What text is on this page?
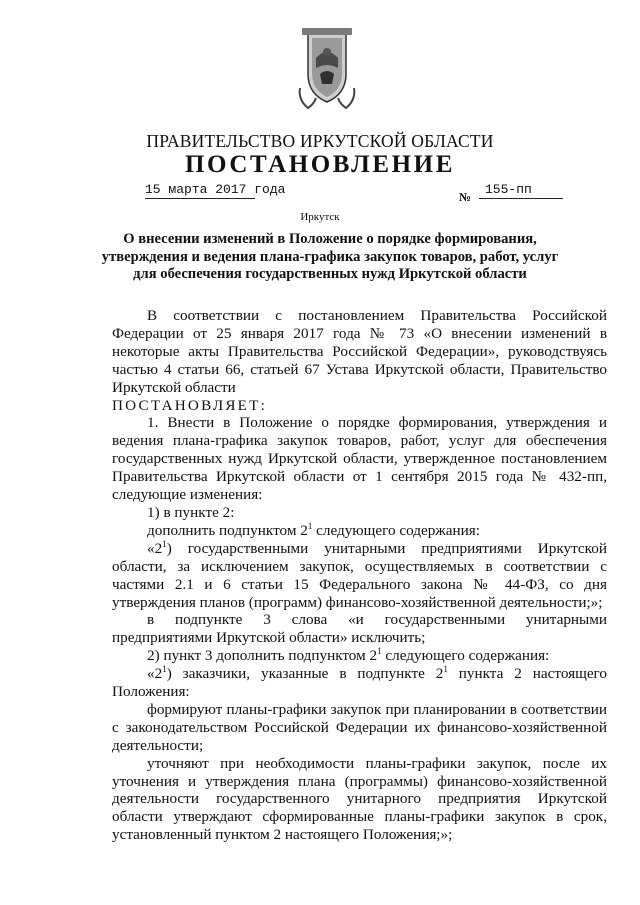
ПРАВИТЕЛЬСТВО ИРКУТСКОЙ ОБЛАСТИ
ПОСТАНОВЛЕНИЕ
15 марта 2017 года	№	155-пп
Иркутск
О внесении изменений в Положение о порядке формирования, утверждения и ведения плана-графика закупок товаров, работ, услуг для обеспечения государственных нужд Иркутской области

В соответствии с постановлением Правительства Российской Федерации от 25 января 2017 года № 73 «О внесении изменений в некоторые акты Правительства Российской Федерации», руководствуясь частью 4 статьи 66, статьей 67 Устава Иркутской области, Правительство Иркутской области

ПОСТАНОВЛЯЕТ:

1. Внести в Положение о порядке формирования, утверждения и ведения плана-графика закупок товаров, работ, услуг для обеспечения государственных нужд Иркутской области, утвержденное постановлением Правительства Иркутской области от 1 сентября 2015 года № 432-пп, следующие изменения:

1) в пункте 2:

дополнить подпунктом $2^1$ следующего содержания:

«$2^1$) государственными унитарными предприятиями Иркутской области, за исключением закупок, осуществляемых в соответствии с частями 2.1 и 6 статьи 15 Федерального закона № 44-ФЗ, со дня утверждения планов (программ) финансово-хозяйственной деятельности;»;

в подпункте 3 слова «и государственными унитарными предприятиями Иркутской области» исключить;

2) пункт 3 дополнить подпунктом $2^1$ следующего содержания:

«$2^1$) заказчики, указанные в подпункте $2^1$ пункта 2 настоящего Положения:

формируют планы-графики закупок при планировании в соответствии с законодательством Российской Федерации их финансово-хозяйственной деятельности;

уточняют при необходимости планы-графики закупок, после их уточнения и утверждения плана (программы) финансово-хозяйственной деятельности государственного унитарного предприятия Иркутской области утверждают сформированные планы-графики закупок в срок, установленный пунктом 2 настоящего Положения;»;
